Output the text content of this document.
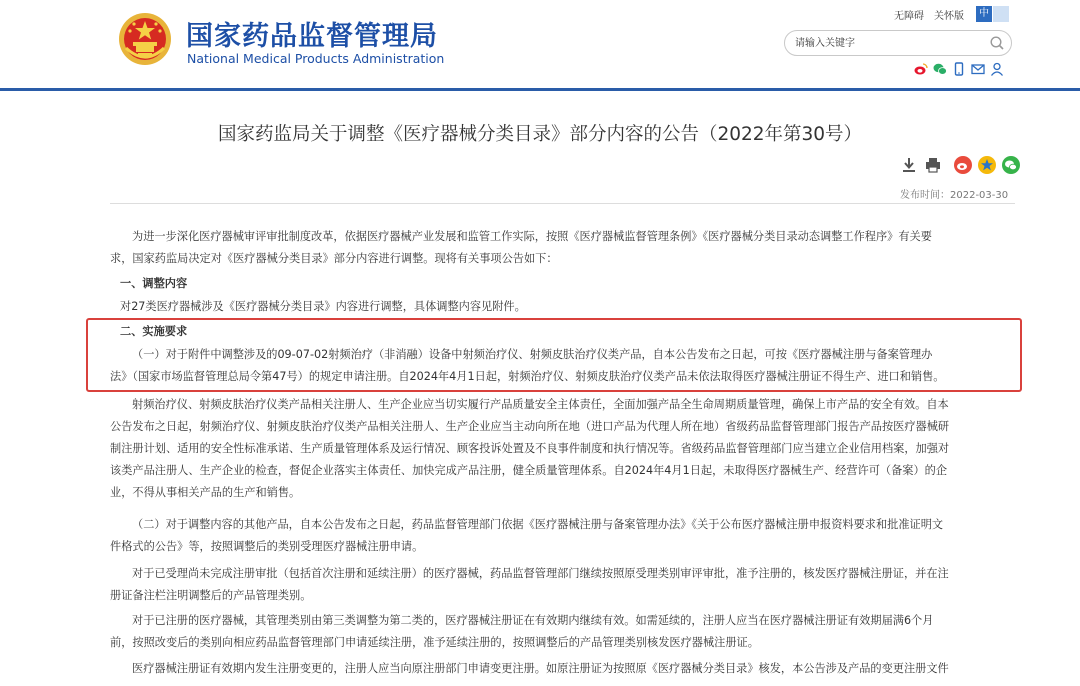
国家药品监督管理局
National Medical Products Administration
无障碍 关怀版	中 EN
请输入关键字
国家药监局关于调整《医疗器械分类目录》部分内容的公告（2022年第30号）
发布时间：2022-03-30
为进一步深化医疗器械审评审批制度改革，依据医疗器械产业发展和监管工作实际，按照《医疗器械监督管理条例》《医疗器械分类目录动态调整工作程序》有关要
求，国家药监局决定对《医疗器械分类目录》部分内容进行调整。现将有关事项公告如下：
一、调整内容
对27类医疗器械涉及《医疗器械分类目录》内容进行调整，具体调整内容见附件。
二、实施要求
（一）对于附件中调整涉及的09-07-02射频治疗（非消融）设备中射频治疗仪、射频皮肤治疗仪类产品，自本公告发布之日起，可按《医疗器械注册与备案管理办
法》（国家市场监督管理总局令第47号）的规定申请注册。自2024年4月1日起，射频治疗仪、射频皮肤治疗仪类产品未依法取得医疗器械注册证不得生产、进口和销售。
射频治疗仪、射频皮肤治疗仪类产品相关注册人、生产企业应当切实履行产品质量安全主体责任，全面加强产品全生命周期质量管理，确保上市产品的安全有效。自本
公告发布之日起，射频治疗仪、射频皮肤治疗仪类产品相关注册人、生产企业应当主动向所在地（进口产品为代理人所在地）省级药品监督管理部门报告产品按医疗器械研
制注册计划、适用的安全性标准承诺、生产质量管理体系及运行情况、顾客投诉处置及不良事件制度和执行情况等。省级药品监督管理部门应当建立企业信用档案，加强对
该类产品注册人、生产企业的检查，督促企业落实主体责任、加快完成产品注册，健全质量管理体系。自2024年4月1日起，未取得医疗器械生产、经营许可（备案）的企
业，不得从事相关产品的生产和销售。
（二）对于调整内容的其他产品，自本公告发布之日起，药品监督管理部门依据《医疗器械注册与备案管理办法》《关于公布医疗器械注册申报资料要求和批准证明文
件格式的公告》等，按照调整后的类别受理医疗器械注册申请。
对于已受理尚未完成注册审批（包括首次注册和延续注册）的医疗器械，药品监督管理部门继续按照原受理类别审评审批，准予注册的，核发医疗器械注册证，并在注
册证备注栏注明调整后的产品管理类别。
对于已注册的医疗器械，其管理类别由第三类调整为第二类的，医疗器械注册证在有效期内继续有效。如需延续的，注册人应当在医疗器械注册证有效期届满6个月
前，按照改变后的类别向相应药品监督管理部门申请延续注册，准予延续注册的，按照调整后的产品管理类别核发医疗器械注册证。
医疗器械注册证有效期内发生注册变更的，注册人应当向原注册部门申请变更注册。如原注册证为按照原《医疗器械分类目录》核发，本公告涉及产品的变更注册文件
